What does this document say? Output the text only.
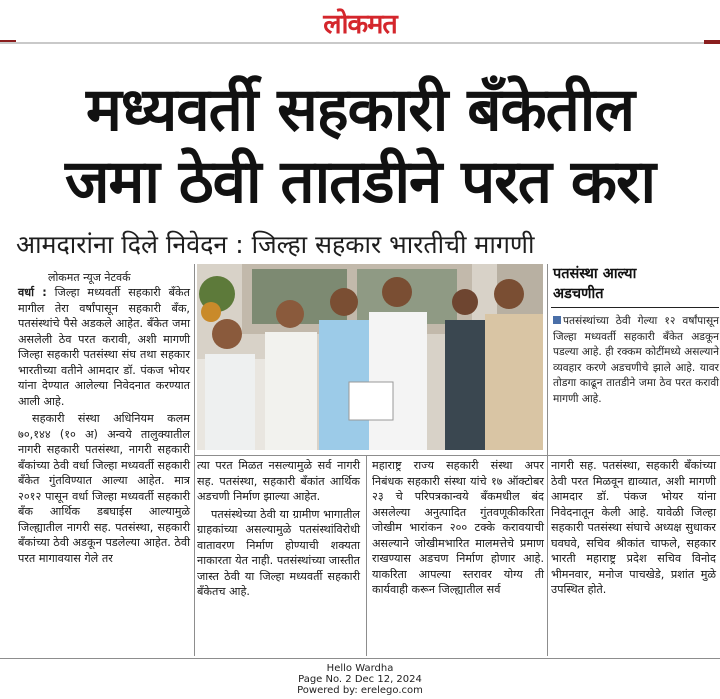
लोकमत
मध्यवर्ती सहकारी बँकेतील
जमा ठेवी तातडीने परत करा
आमदारांना दिले निवेदन : जिल्हा सहकार भारतीची मागणी
लोकमत न्यूज नेटवर्क

वर्धा : जिल्हा मध्यवर्ती सहकारी बँकेत मागील तेरा वर्षांपासून सहकारी बँक, पतसंस्थांचे पैसे अडकले आहेत. बँकेत जमा असलेली ठेव परत करावी, अशी मागणी जिल्हा सहकारी पतसंस्था संघ तथा सहकार भारतीच्या वतीने आमदार डॉ. पंकज भोयर यांना देण्यात आलेल्या निवेदनात करण्यात आली आहे.

सहकारी संस्था अधिनियम कलम ७०,१४४ (१० अ) अन्वये तालुक्यातील नागरी सहकारी पतसंस्था, नागरी सहकारी बँकांच्या ठेवी वर्धा जिल्हा मध्यवर्ती सहकारी बँकेत गुंतविण्यात आल्या आहेत. मात्र २०१२ पासून वर्धा जिल्हा मध्यवर्ती सहकारी बँक आर्थिक डबघाईस आल्यामुळे जिल्ह्यातील नागरी सह. पतसंस्था, सहकारी बँकांच्या ठेवी अडकून पडलेल्या आहेत. ठेवी परत मागावयास गेले तर

पतसंस्था आल्या
अडचणीत
पतसंस्थांच्या ठेवी गेल्या १२ वर्षांपासून जिल्हा मध्यवर्ती सहकारी बँकेत अडकून पडल्या आहे. ही रक्कम कोटींमध्ये असल्याने व्यवहार करणे अडचणीचे झाले आहे. यावर तोडगा काढून तातडीने जमा ठेव परत करावी मागणी आहे.

त्या परत मिळत नसल्यामुळे सर्व नागरी सह. पतसंस्था, सहकारी बँकांत आर्थिक अडचणी निर्माण झाल्या आहेत.

पतसंस्थेच्या ठेवी या ग्रामीण भागातील ग्राहकांच्या असल्यामुळे पतसंस्थांविरोधी वातावरण निर्माण होण्याची शक्यता नाकारता येत नाही. पतसंस्थांच्या जास्तीत जास्त ठेवी या जिल्हा मध्यवर्ती सहकारी बँकेतच आहे.

महाराष्ट्र राज्य सहकारी संस्था अपर निबंधक सहकारी संस्था यांचे १७ ऑक्टोबर २३ चे परिपत्रकान्वये बँकमधील बंद असलेल्या अनुत्पादित गुंतवणूकीकरिता जोखीम भारांकन २०० टक्के करावयाची असल्याने जोखीमभारित मालमत्तेचे प्रमाण राखण्यास अडचण निर्माण होणार आहे. याकरिता आपल्या स्तरावर योग्य ती कार्यवाही करून जिल्ह्यातील सर्व

नागरी सह. पतसंस्था, सहकारी बँकांच्या ठेवी परत मिळवून द्याव्यात, अशी मागणी आमदार डॉ. पंकज भोयर यांना निवेदनातून केली आहे. यावेळी जिल्हा सहकारी पतसंस्था संघाचे अध्यक्ष सुधाकर घवघवे, सचिव श्रीकांत चाफले, सहकार भारती महाराष्ट्र प्रदेश सचिव विनोद भीमनवार, मनोज पाचखेडे, प्रशांत मुळे उपस्थित होते.

Hello Wardha
Page No. 2 Dec 12, 2024
Powered by: erelego.com
